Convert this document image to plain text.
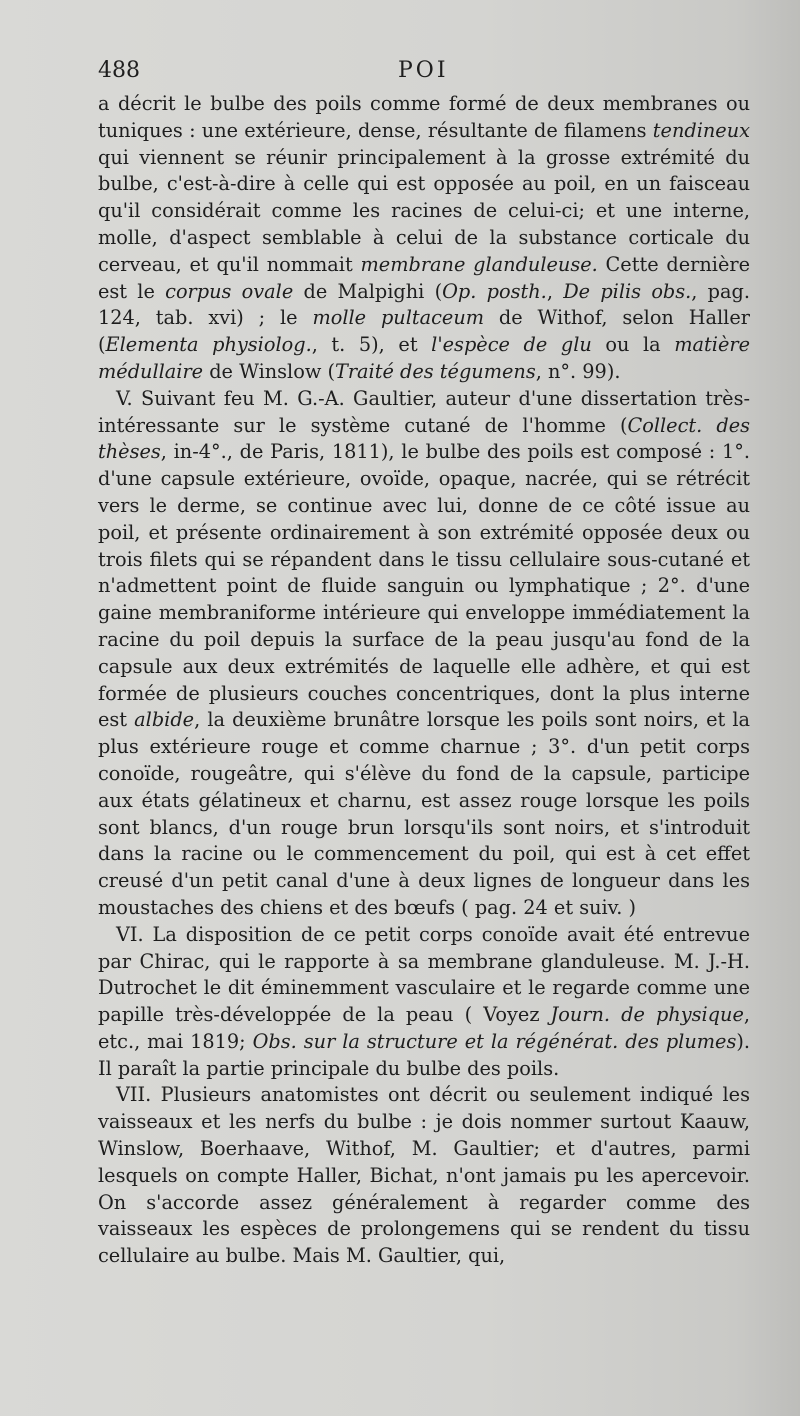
488	POI

a décrit le bulbe des poils comme formé de deux membranes ou tuniques : une extérieure, dense, résultante de filamens tendineux qui viennent se réunir principalement à la grosse extrémité du bulbe, c'est-à-dire à celle qui est opposée au poil, en un faisceau qu'il considérait comme les racines de celui-ci; et une interne, molle, d'aspect semblable à celui de la substance corticale du cerveau, et qu'il nommait membrane glanduleuse. Cette dernière est le corpus ovale de Malpighi (Op. posth., De pilis obs., pag. 124, tab. xvi) ; le molle pultaceum de Withof, selon Haller (Elementa physiolog., t. 5), et l'espèce de glu ou la matière médullaire de Winslow (Traité des tégumens, n°. 99).

V. Suivant feu M. G.-A. Gaultier, auteur d'une dissertation très-intéressante sur le système cutané de l'homme (Collect. des thèses, in-4°., de Paris, 1811), le bulbe des poils est composé : 1°. d'une capsule extérieure, ovoïde, opaque, nacrée, qui se rétrécit vers le derme, se continue avec lui, donne de ce côté issue au poil, et présente ordinairement à son extrémité opposée deux ou trois filets qui se répandent dans le tissu cellulaire sous-cutané et n'admettent point de fluide sanguin ou lymphatique ; 2°. d'une gaine membraniforme intérieure qui enveloppe immédiatement la racine du poil depuis la surface de la peau jusqu'au fond de la capsule aux deux extrémités de laquelle elle adhère, et qui est formée de plusieurs couches concentriques, dont la plus interne est albide, la deuxième brunâtre lorsque les poils sont noirs, et la plus extérieure rouge et comme charnue ; 3°. d'un petit corps conoïde, rougeâtre, qui s'élève du fond de la capsule, participe aux états gélatineux et charnu, est assez rouge lorsque les poils sont blancs, d'un rouge brun lorsqu'ils sont noirs, et s'introduit dans la racine ou le commencement du poil, qui est à cet effet creusé d'un petit canal d'une à deux lignes de longueur dans les moustaches des chiens et des bœufs ( pag. 24 et suiv. )

VI. La disposition de ce petit corps conoïde avait été entrevue par Chirac, qui le rapporte à sa membrane glanduleuse. M. J.-H. Dutrochet le dit éminemment vasculaire et le regarde comme une papille très-développée de la peau ( Voyez Journ. de physique, etc., mai 1819; Obs. sur la structure et la régénérat. des plumes). Il paraît la partie principale du bulbe des poils.

VII. Plusieurs anatomistes ont décrit ou seulement indiqué les vaisseaux et les nerfs du bulbe : je dois nommer surtout Kaauw, Winslow, Boerhaave, Withof, M. Gaultier; et d'autres, parmi lesquels on compte Haller, Bichat, n'ont jamais pu les apercevoir. On s'accorde assez généralement à regarder comme des vaisseaux les espèces de prolongemens qui se rendent du tissu cellulaire au bulbe. Mais M. Gaultier, qui,
